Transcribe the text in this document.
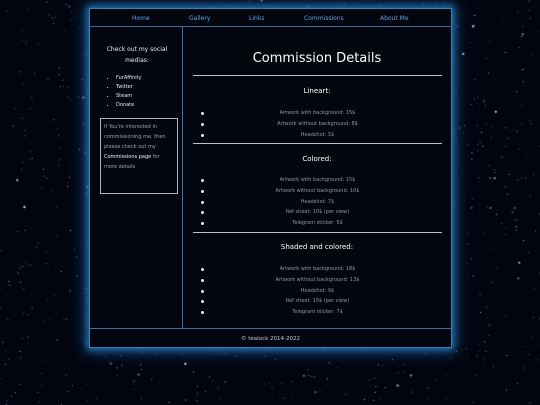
Home	Gallery	Links	Commissions	About Me
Check out my social medias:
• FurAffinity
• Twitter
• Steam
• Donate
If You're interested in commissioning me, then please check out my Commissions page for more details
Commission Details
Lineart:
Artwork with background: 15$
Artwork without background: 8$
Headshot: 5$
Colored:
Artwork with background: 15$
Artwork without background: 10$
Headshot: 7$
Ref sheet: 10$ (per view)
Telegram sticker: 5$
Shaded and colored:
Artwork with background: 18$
Artwork without background: 13$
Headshot: 9$
Ref sheet: 15$ (per view)
Telegram sticker: 7$
© tealock 2014-2022
